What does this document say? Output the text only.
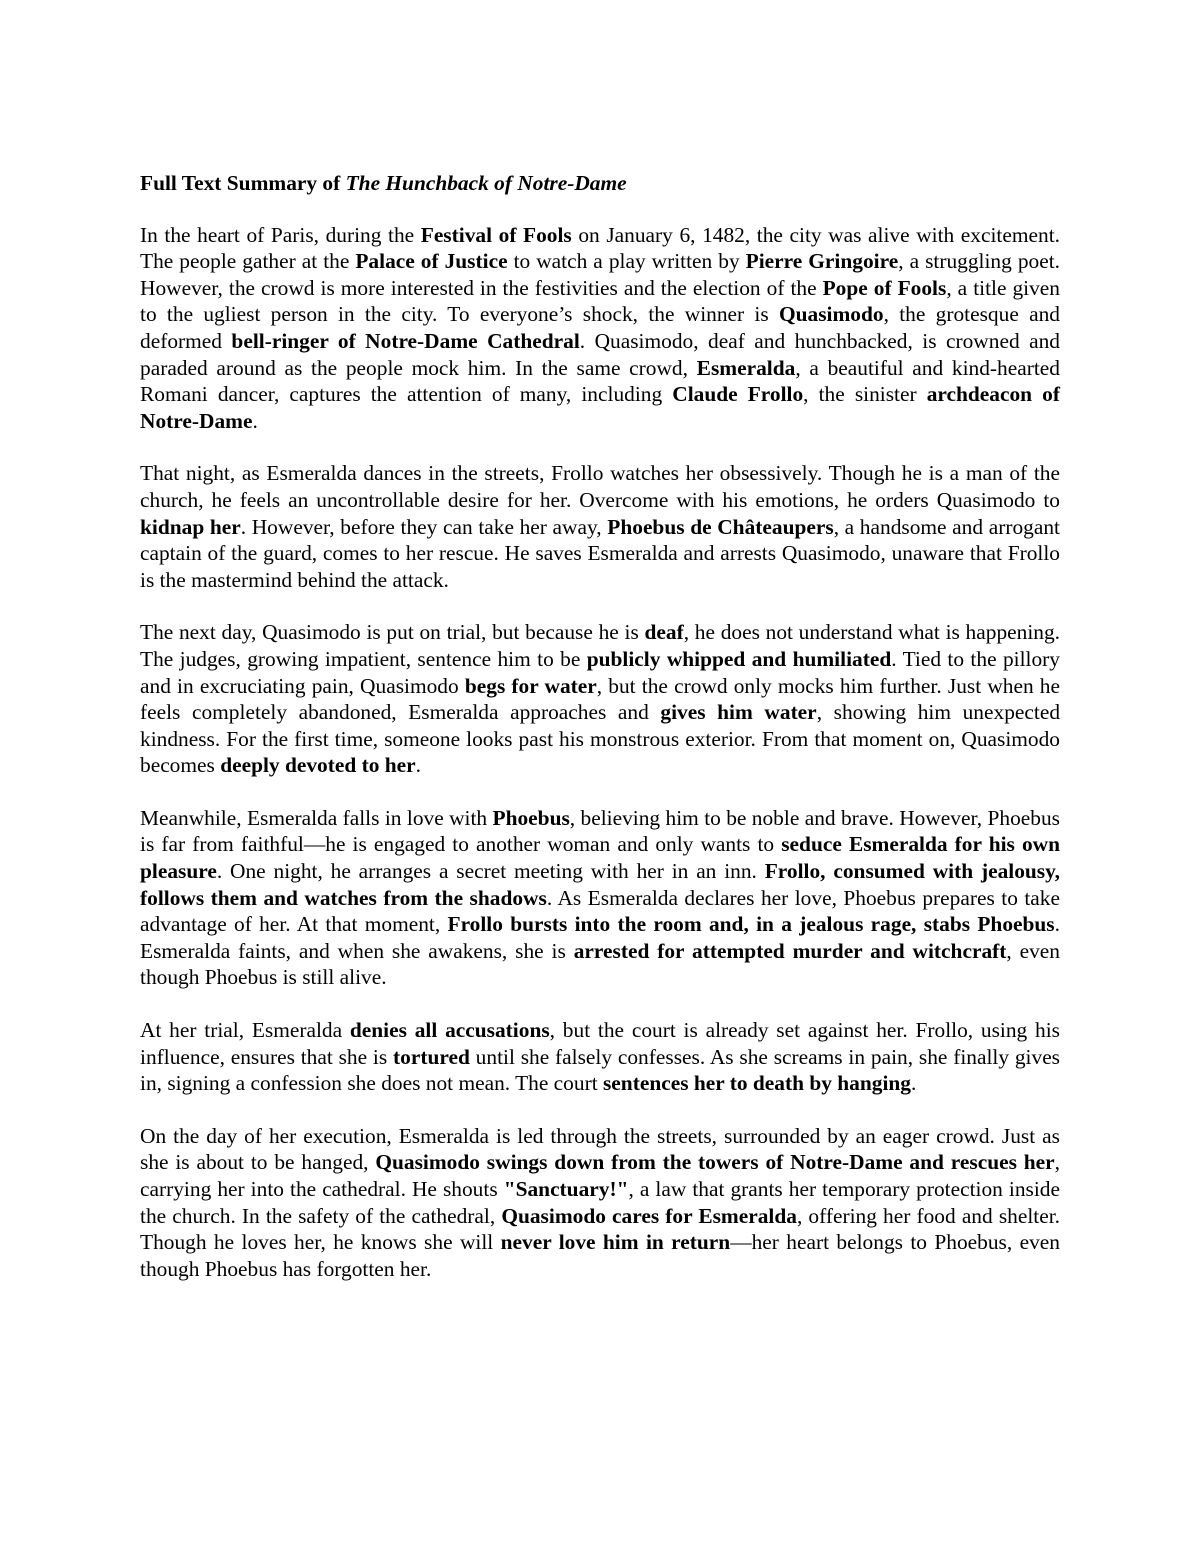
Full Text Summary of The Hunchback of Notre-Dame

In the heart of Paris, during the Festival of Fools on January 6, 1482, the city was alive with excitement. The people gather at the Palace of Justice to watch a play written by Pierre Gringoire, a struggling poet. However, the crowd is more interested in the festivities and the election of the Pope of Fools, a title given to the ugliest person in the city. To everyone’s shock, the winner is Quasimodo, the grotesque and deformed bell-ringer of Notre-Dame Cathedral. Quasimodo, deaf and hunchbacked, is crowned and paraded around as the people mock him. In the same crowd, Esmeralda, a beautiful and kind-hearted Romani dancer, captures the attention of many, including Claude Frollo, the sinister archdeacon of Notre-Dame.

That night, as Esmeralda dances in the streets, Frollo watches her obsessively. Though he is a man of the church, he feels an uncontrollable desire for her. Overcome with his emotions, he orders Quasimodo to kidnap her. However, before they can take her away, Phoebus de Châteaupers, a handsome and arrogant captain of the guard, comes to her rescue. He saves Esmeralda and arrests Quasimodo, unaware that Frollo is the mastermind behind the attack.

The next day, Quasimodo is put on trial, but because he is deaf, he does not understand what is happening. The judges, growing impatient, sentence him to be publicly whipped and humiliated. Tied to the pillory and in excruciating pain, Quasimodo begs for water, but the crowd only mocks him further. Just when he feels completely abandoned, Esmeralda approaches and gives him water, showing him unexpected kindness. For the first time, someone looks past his monstrous exterior. From that moment on, Quasimodo becomes deeply devoted to her.

Meanwhile, Esmeralda falls in love with Phoebus, believing him to be noble and brave. However, Phoebus is far from faithful—he is engaged to another woman and only wants to seduce Esmeralda for his own pleasure. One night, he arranges a secret meeting with her in an inn. Frollo, consumed with jealousy, follows them and watches from the shadows. As Esmeralda declares her love, Phoebus prepares to take advantage of her. At that moment, Frollo bursts into the room and, in a jealous rage, stabs Phoebus. Esmeralda faints, and when she awakens, she is arrested for attempted murder and witchcraft, even though Phoebus is still alive.

At her trial, Esmeralda denies all accusations, but the court is already set against her. Frollo, using his influence, ensures that she is tortured until she falsely confesses. As she screams in pain, she finally gives in, signing a confession she does not mean. The court sentences her to death by hanging.

On the day of her execution, Esmeralda is led through the streets, surrounded by an eager crowd. Just as she is about to be hanged, Quasimodo swings down from the towers of Notre-Dame and rescues her, carrying her into the cathedral. He shouts "Sanctuary!", a law that grants her temporary protection inside the church. In the safety of the cathedral, Quasimodo cares for Esmeralda, offering her food and shelter. Though he loves her, he knows she will never love him in return—her heart belongs to Phoebus, even though Phoebus has forgotten her.
